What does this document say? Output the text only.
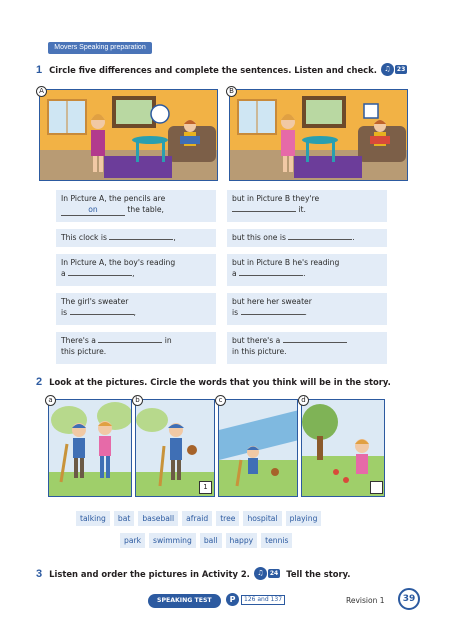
Movers Speaking preparation
1 Circle five differences and complete the sentences. Listen and check.	♫	23
A	B
In Picture A, the pencils are
on	the table,
but in Picture B they're
it.
This clock is	,	but this one is	.
In Picture A, the boy's reading
a	,
but in Picture B he's reading
a	.
The girl's sweater
is	,
but here her sweater
is	.
There's a	in
this picture.
but there's a
in this picture.
2 Look at the pictures. Circle the words that you think will be in the story.
a	b
1
c	d
talking	bat	baseball	afraid	tree	hospital	playing
park	swimming	ball	happy	tennis
3 Listen and order the pictures in Activity 2.	♫	24 Tell the story.
SPEAKING TEST	P	126 and 137	Revision 1	39
